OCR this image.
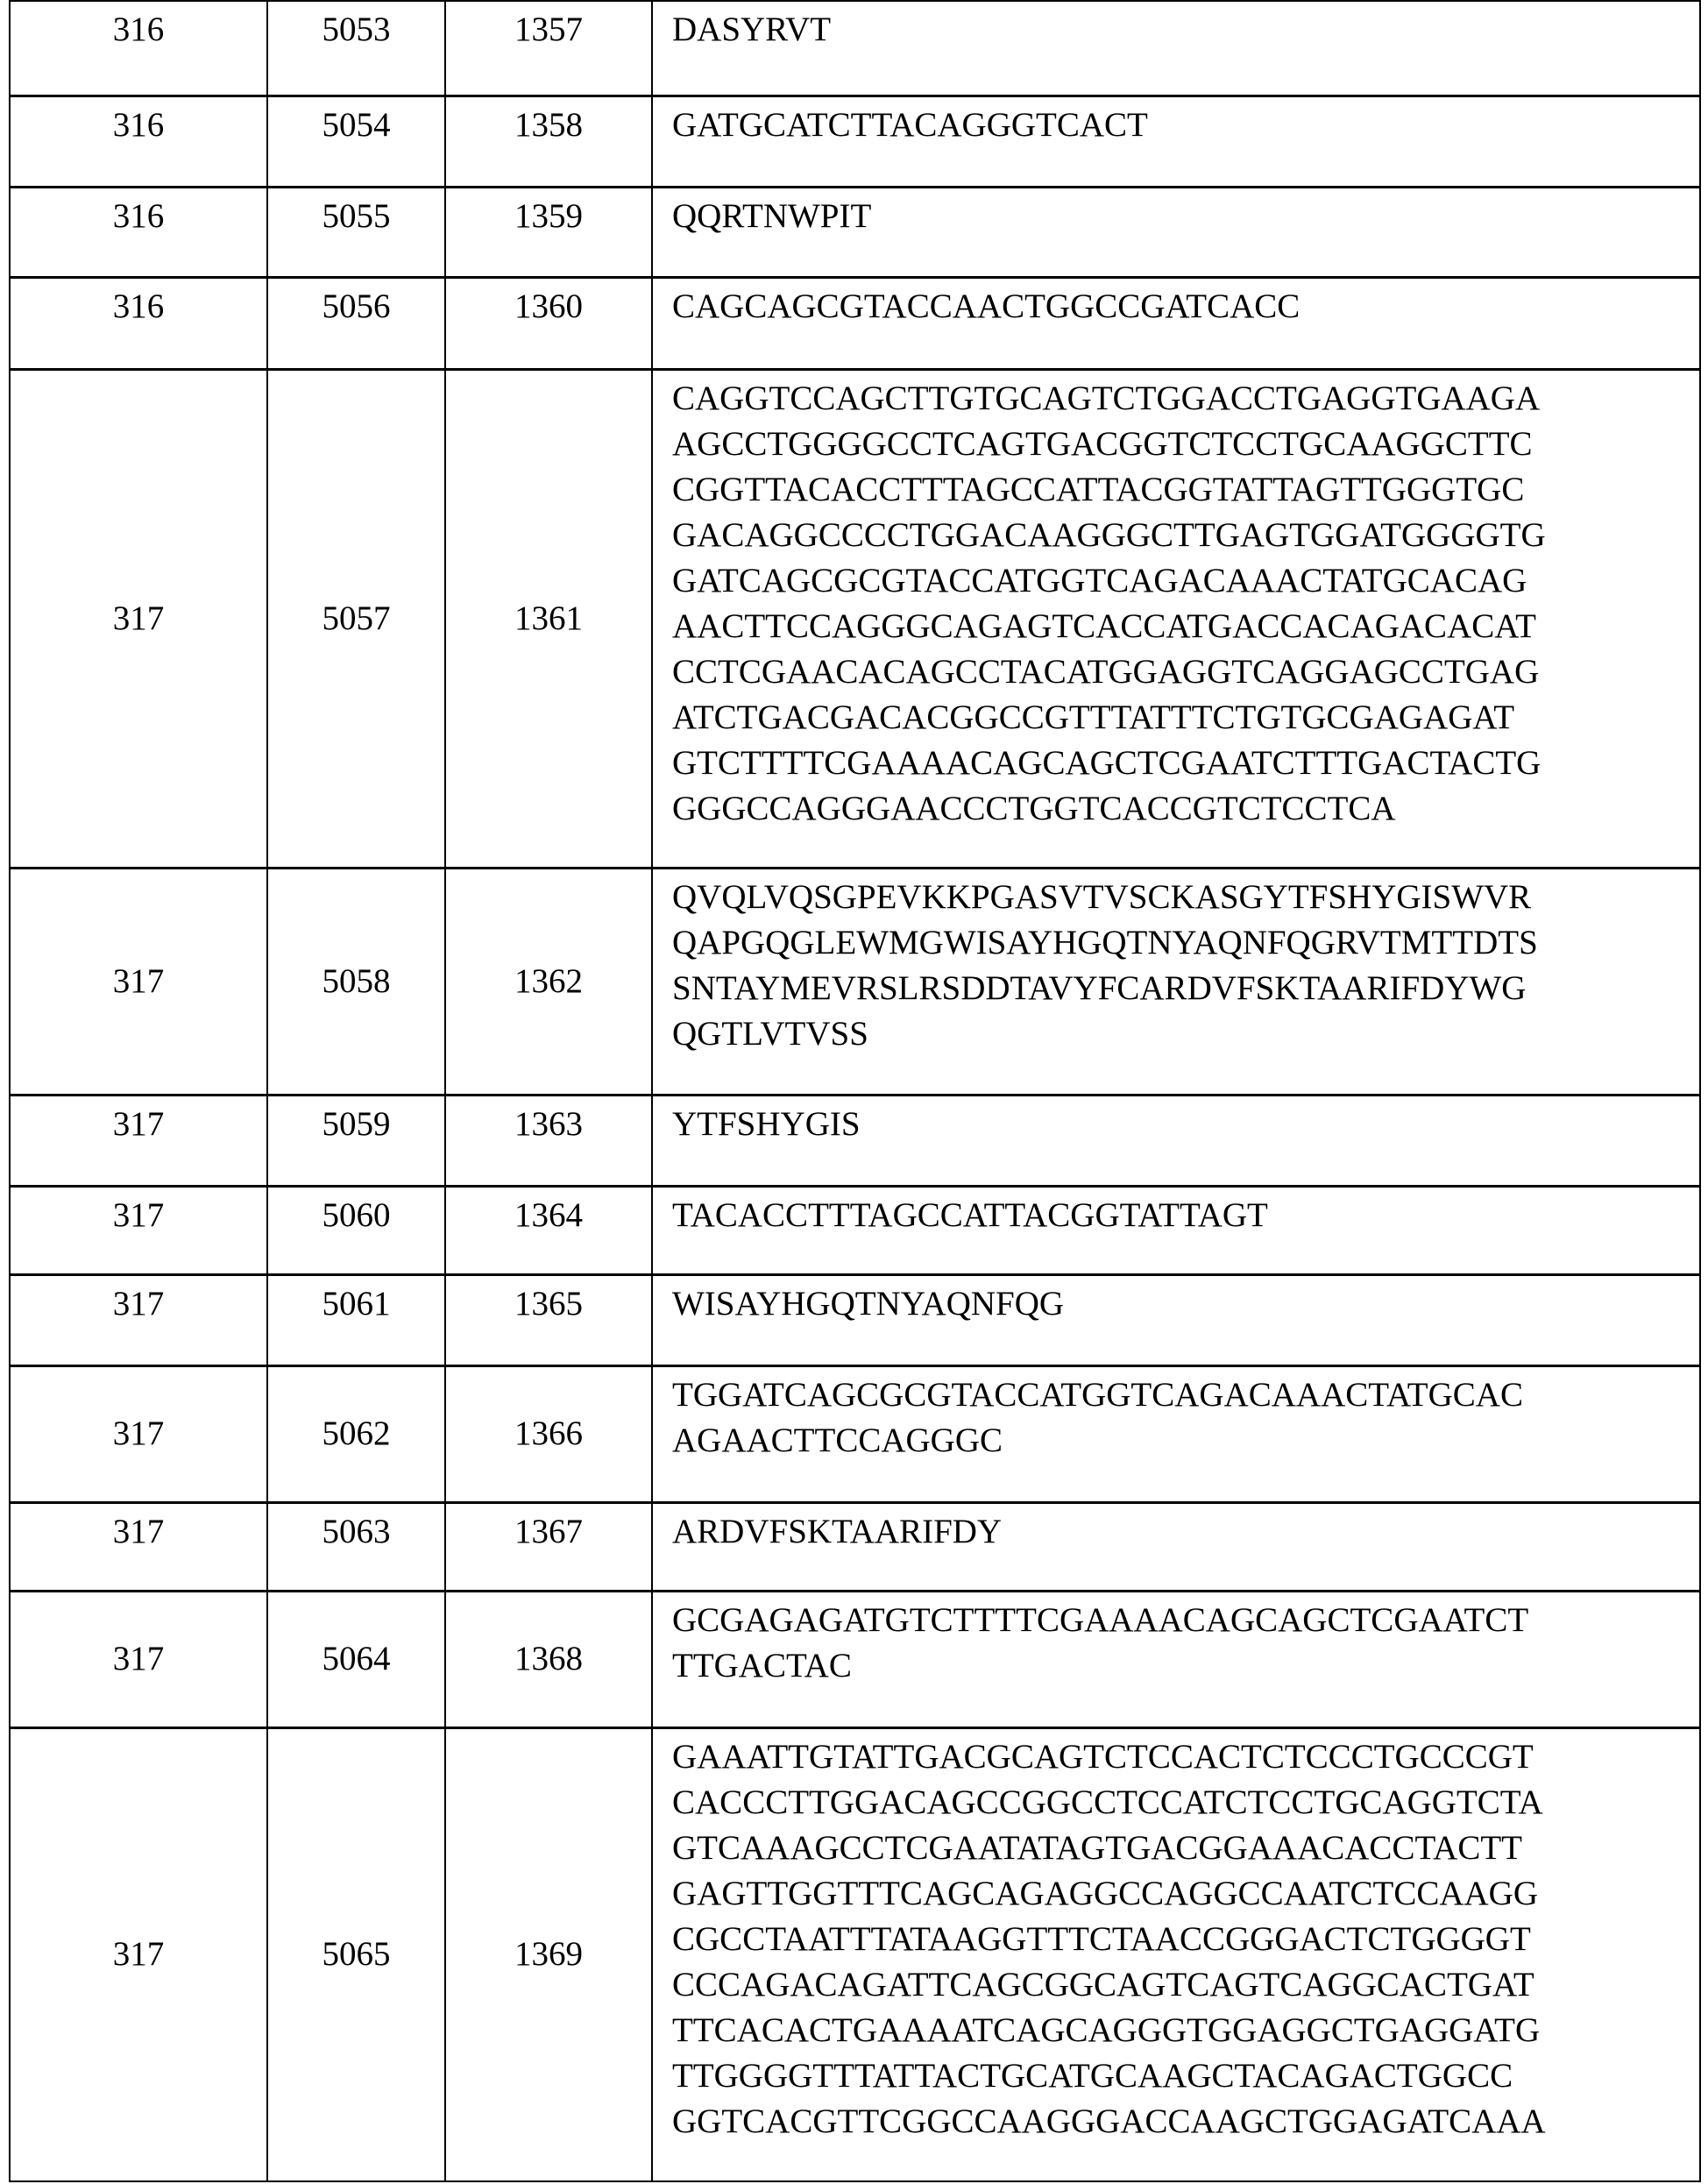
316	5053	1357	DASYRVT

316	5054	1358	GATGCATCTTACAGGGTCACT

316	5055	1359	QQRTNWPIT

316	5056	1360	CAGCAGCGTACCAACTGGCCGATCACC

317	5057	1361	
CAGGTCCAGCTTGTGCAGTCTGGACCTGAGGTGAAGA
AGCCTGGGGCCTCAGTGACGGTCTCCTGCAAGGCTTC
CGGTTACACCTTTAGCCATTACGGTATTAGTTGGGTGC
GACAGGCCCCTGGACAAGGGCTTGAGTGGATGGGGTG
GATCAGCGCGTACCATGGTCAGACAAACTATGCACAG
AACTTCCAGGGCAGAGTCACCATGACCACAGACACAT
CCTCGAACACAGCCTACATGGAGGTCAGGAGCCTGAG
ATCTGACGACACGGCCGTTTATTTCTGTGCGAGAGAT
GTCTTTTCGAAAACAGCAGCTCGAATCTTTGACTACTG
GGGCCAGGGAACCCTGGTCACCGTCTCCTCA

317	5058	1362	QVQLVQSGPEVKKPGASVTVSCKASGYTFSHYGISWVR
QAPGQGLEWMGWISAYHGQTNYAQNFQGRVTMTTDTS
SNTAYMEVRSLRSDDTAVYFCARDVFSKTAARIFDYWG
QGTLVTVSS

317	5059	1363	YTFSHYGIS

317	5060	1364	TACACCTTTAGCCATTACGGTATTAGT

317	5061	1365	WISAYHGQTNYAQNFQG

317	5062	1366	TGGATCAGCGCGTACCATGGTCAGACAAACTATGCAC
AGAACTTCCAGGGC

317	5063	1367	ARDVFSKTAARIFDY

317	5064	1368	GCGAGAGATGTCTTTTCGAAAACAGCAGCTCGAATCT
TTGACTAC

317	5065	1369	
GAAATTGTATTGACGCAGTCTCCACTCTCCCTGCCCGT
CACCCTTGGACAGCCGGCCTCCATCTCCTGCAGGTCTA
GTCAAAGCCTCGAATATAGTGACGGAAACACCTACTT
GAGTTGGTTTCAGCAGAGGCCAGGCCAATCTCCAAGG
CGCCTAATTTATAAGGTTTCTAACCGGGACTCTGGGGT
CCCAGACAGATTCAGCGGCAGTCAGTCAGGCACTGAT
TTCACACTGAAAATCAGCAGGGTGGAGGCTGAGGATG
TTGGGGTTTATTACTGCATGCAAGCTACAGACTGGCC
GGTCACGTTCGGCCAAGGGACCAAGCTGGAGATCAAA
